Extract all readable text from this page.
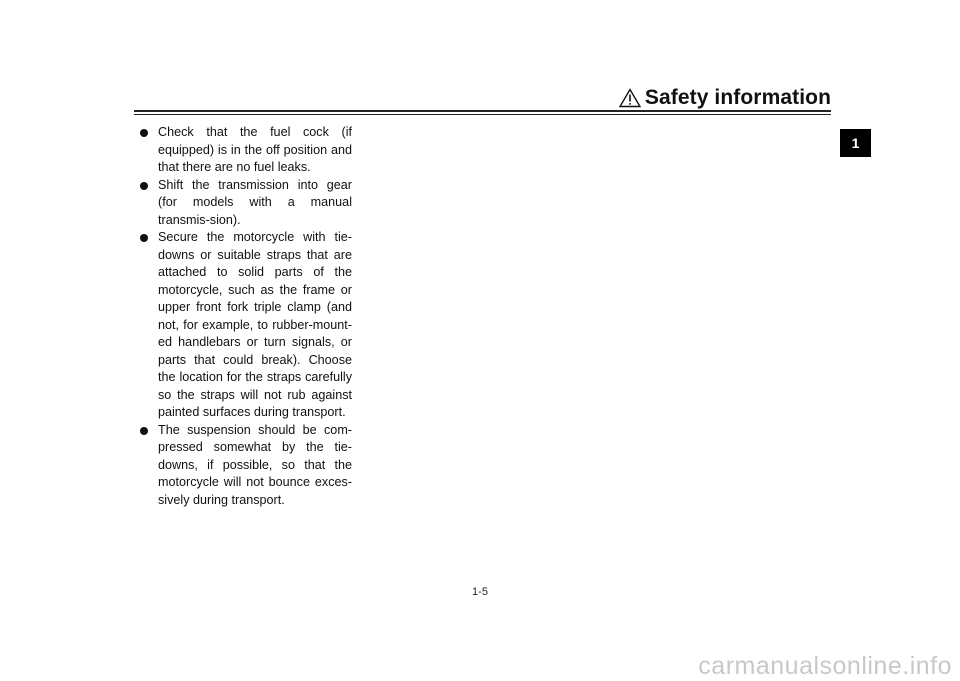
Safety information
1
Check that the fuel cock (if equipped) is in the off position and that there are no fuel leaks.
Shift the transmission into gear (for models with a manual transmis-sion).
Secure the motorcycle with tie-downs or suitable straps that are attached to solid parts of the motorcycle, such as the frame or upper front fork triple clamp (and not, for example, to rubber-mount-ed handlebars or turn signals, or parts that could break). Choose the location for the straps carefully so the straps will not rub against painted surfaces during transport.
The suspension should be com-pressed somewhat by the tie-downs, if possible, so that the motorcycle will not bounce exces-sively during transport.
1-5
carmanualsonline.info
